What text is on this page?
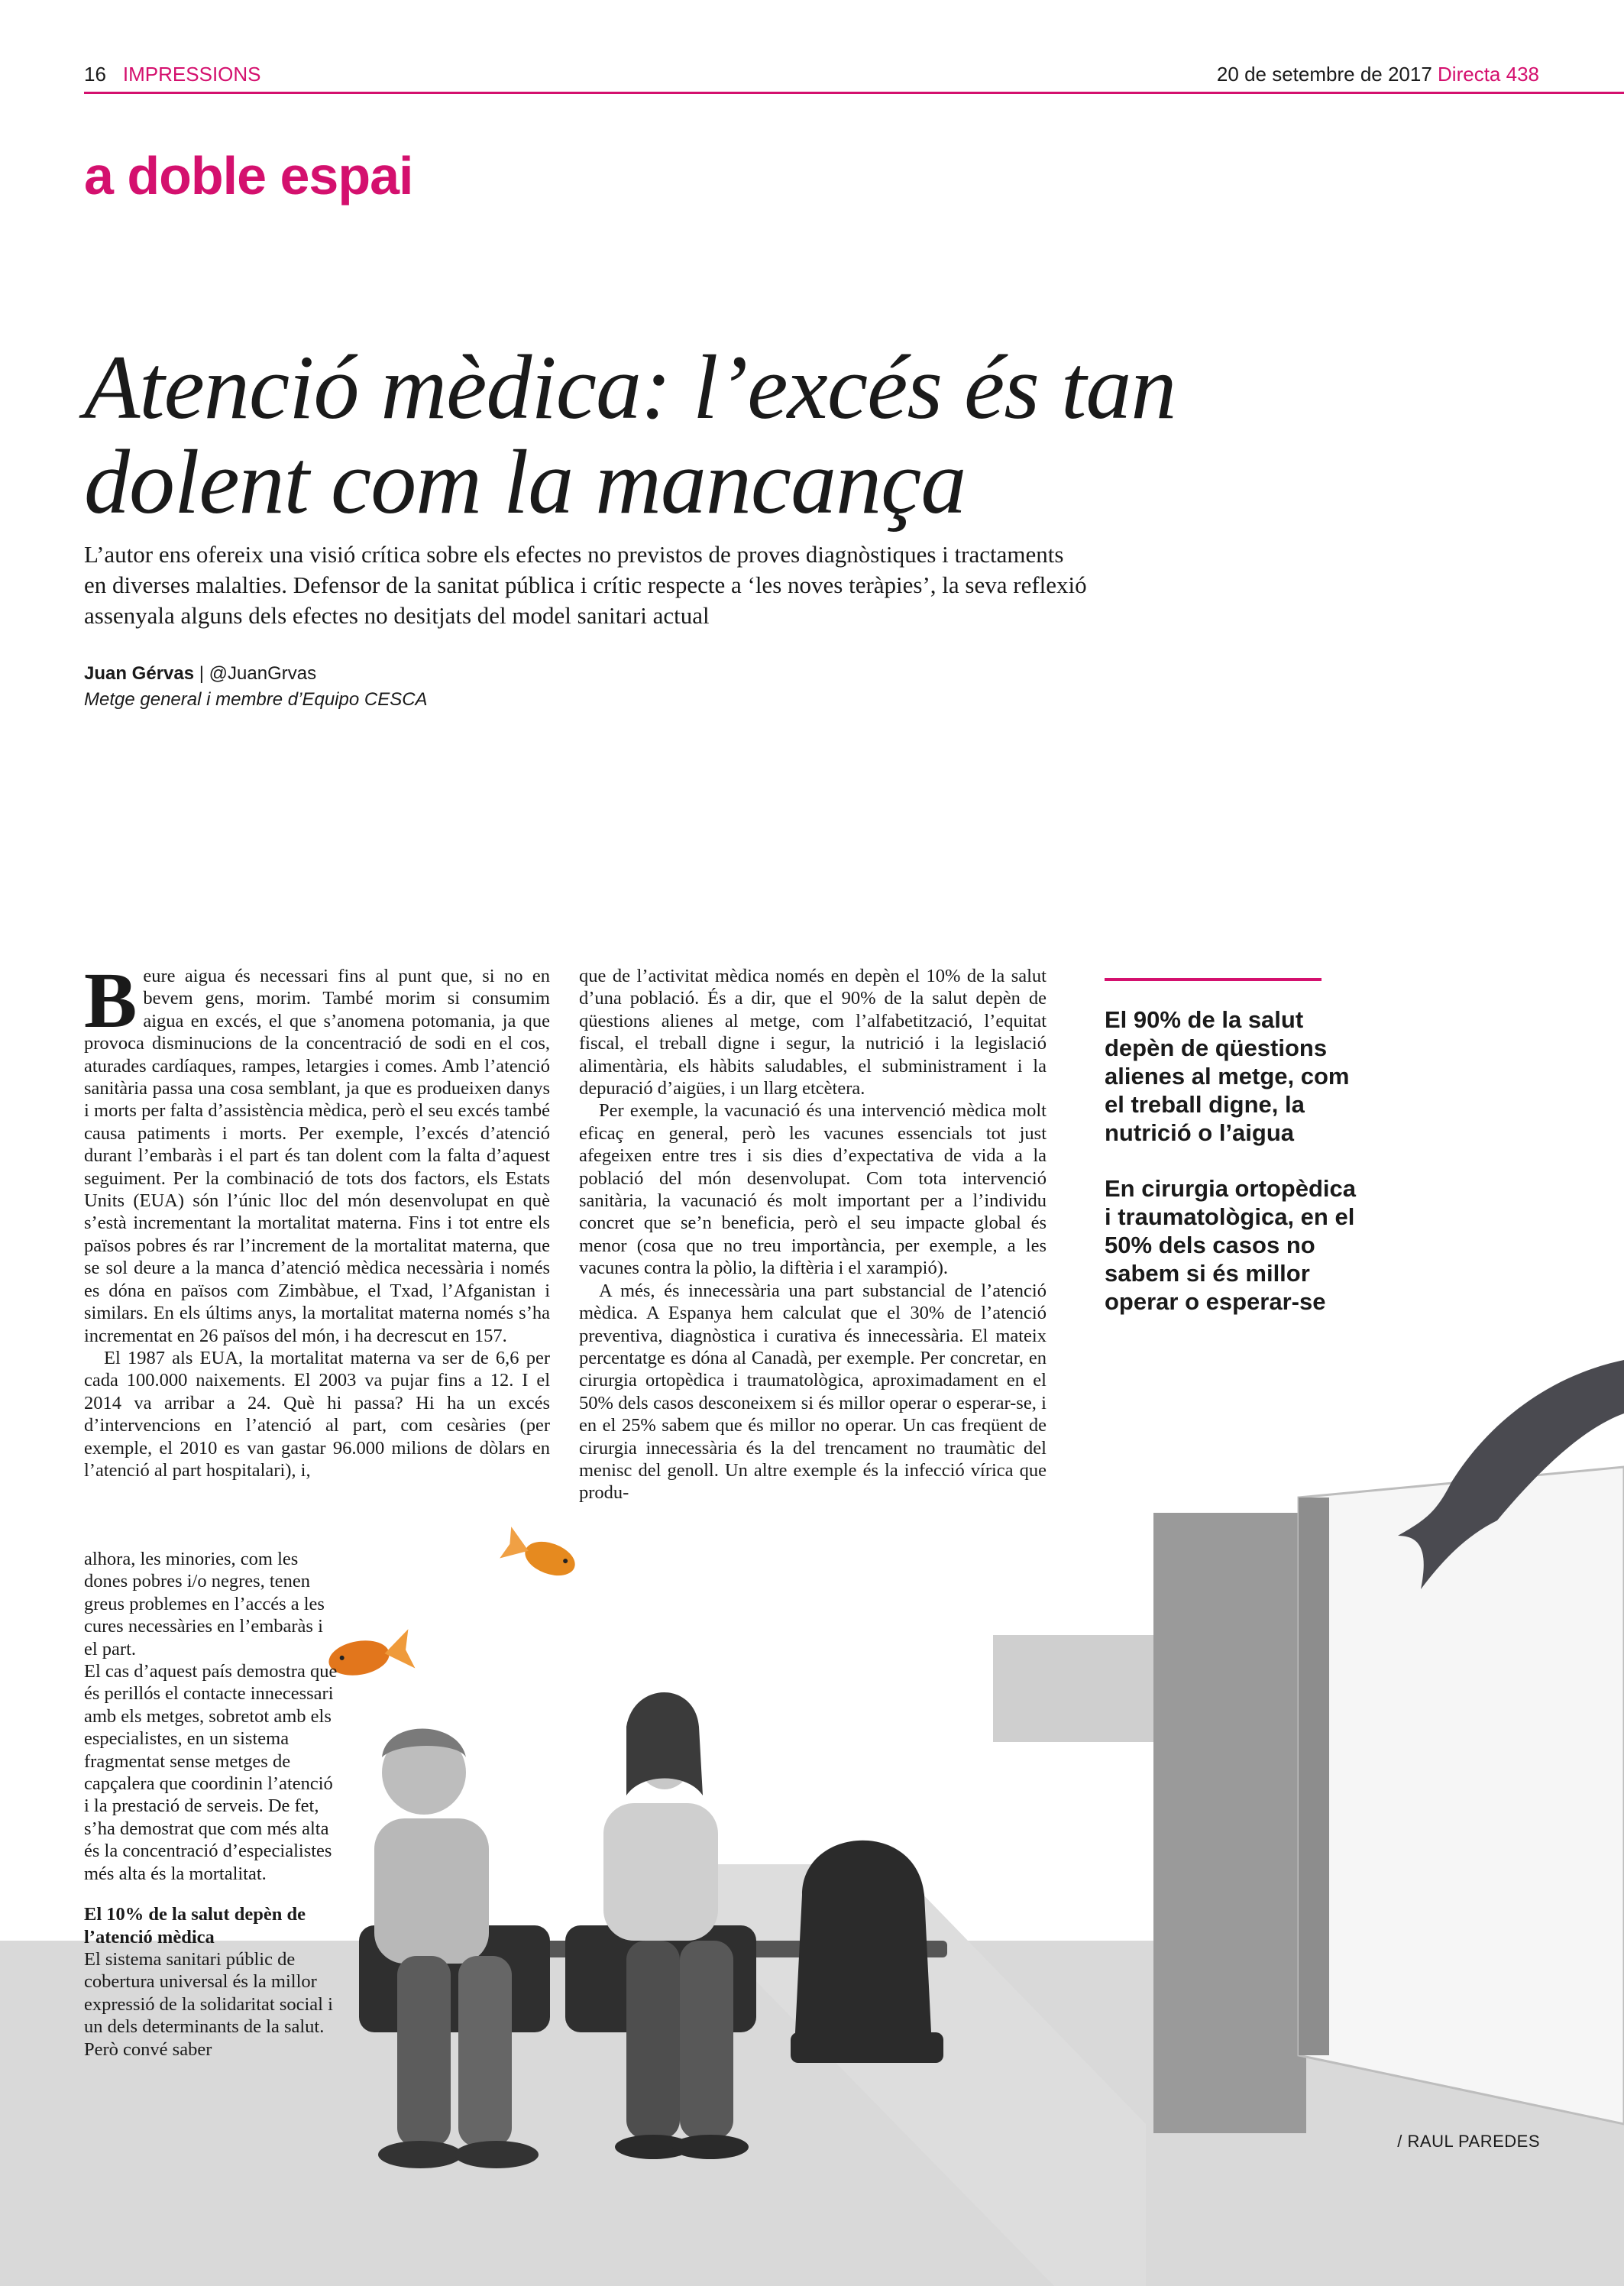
16 IMPRESSIONS	20 de setembre de 2017 Directa 438
a doble espai
Atenció mèdica: l’excés és tan
dolent com la mancança
L’autor ens ofereix una visió crítica sobre els efectes no previstos de proves diagnòstiques i tractaments
en diverses malalties. Defensor de la sanitat pública i crític respecte a ‘les noves teràpies’, la seva reflexió
assenyala alguns dels efectes no desitjats del model sanitari actual
Juan Gérvas | @JuanGrvas
Metge general i membre d’Equipo CESCA

Beure aigua és necessari fins al punt que, si no en bevem gens, morim. També morim si consumim aigua en excés, el que s’anomena potomania, ja que provoca disminucions de la concentració de sodi en el cos, aturades cardíaques, rampes, letargies i comes. Amb l’atenció sanitària passa una cosa semblant, ja que es produeixen danys i morts per falta d’assistència mèdica, però el seu excés també causa patiments i morts. Per exemple, l’excés d’atenció durant l’embaràs i el part és tan dolent com la falta d’aquest seguiment. Per la combinació de tots dos factors, els Estats Units (EUA) són l’únic lloc del món desenvolupat en què s’està incrementant la mortalitat materna. Fins i tot entre els països pobres és rar l’increment de la mortalitat materna, que se sol deure a la manca d’atenció mèdica necessària i només es dóna en països com Zimbàbue, el Txad, l’Afganistan i similars. En els últims anys, la mortalitat materna només s’ha incrementat en 26 països del món, i ha decrescut en 157.

El 1987 als EUA, la mortalitat materna va ser de 6,6 per cada 100.000 naixements. El 2003 va pujar fins a 12. I el 2014 va arribar a 24. Què hi passa? Hi ha un excés d’intervencions en l’atenció al part, com cesàries (per exemple, el 2010 es van gastar 96.000 milions de dòlars en l’atenció al part hospitalari), i,

alhora, les minories, com les dones pobres i/o negres, tenen greus problemes en l’accés a les cures necessàries en l’embaràs i el part.

El cas d’aquest país demostra que és perillós el contacte innecessari amb els metges, sobretot amb els especialistes, en un sistema fragmentat sense metges de capçalera que coordinin l’atenció i la prestació de serveis. De fet, s’ha demostrat que com més alta és la concentració d’especialistes més alta és la mortalitat.

El 10% de la salut depèn de l’atenció mèdica

El sistema sanitari públic de cobertura universal és la millor expressió de la solidaritat social i un dels determinants de la salut. Però convé saber

que de l’activitat mèdica només en depèn el 10% de la salut d’una població. És a dir, que el 90% de la salut depèn de qüestions alienes al metge, com l’alfabetització, l’equitat fiscal, el treball digne i segur, la nutrició i la legislació alimentària, els hàbits saludables, el subministrament i la depuració d’aigües, i un llarg etcètera.

Per exemple, la vacunació és una intervenció mèdica molt eficaç en general, però les vacunes essencials tot just afegeixen entre tres i sis dies d’expectativa de vida a la població del món desenvolupat. Com tota intervenció sanitària, la vacunació és molt important per a l’individu concret que se’n beneficia, però el seu impacte global és menor (cosa que no treu importància, per exemple, a les vacunes contra la pòlio, la diftèria i el xarampió).

A més, és innecessària una part substancial de l’atenció mèdica. A Espanya hem calculat que el 30% de l’atenció preventiva, diagnòstica i curativa és innecessària. El mateix percentatge es dóna al Canadà, per exemple. Per concretar, en cirurgia ortopèdica i traumatològica, aproximadament en el 50% dels casos desconeixem si és millor operar o esperar-se, i en el 25% sabem que és millor no operar. Un cas freqüent de cirurgia innecessària és la del trencament no traumàtic del menisc del genoll. Un altre exemple és la infecció vírica que produ-

El 90% de la salut depèn de qüestions alienes al metge, com el treball digne, la nutrició o l’aigua

En cirurgia ortopèdica i traumatològica, en el 50% dels casos no sabem si és millor operar o esperar-se

/ RAUL PAREDES
